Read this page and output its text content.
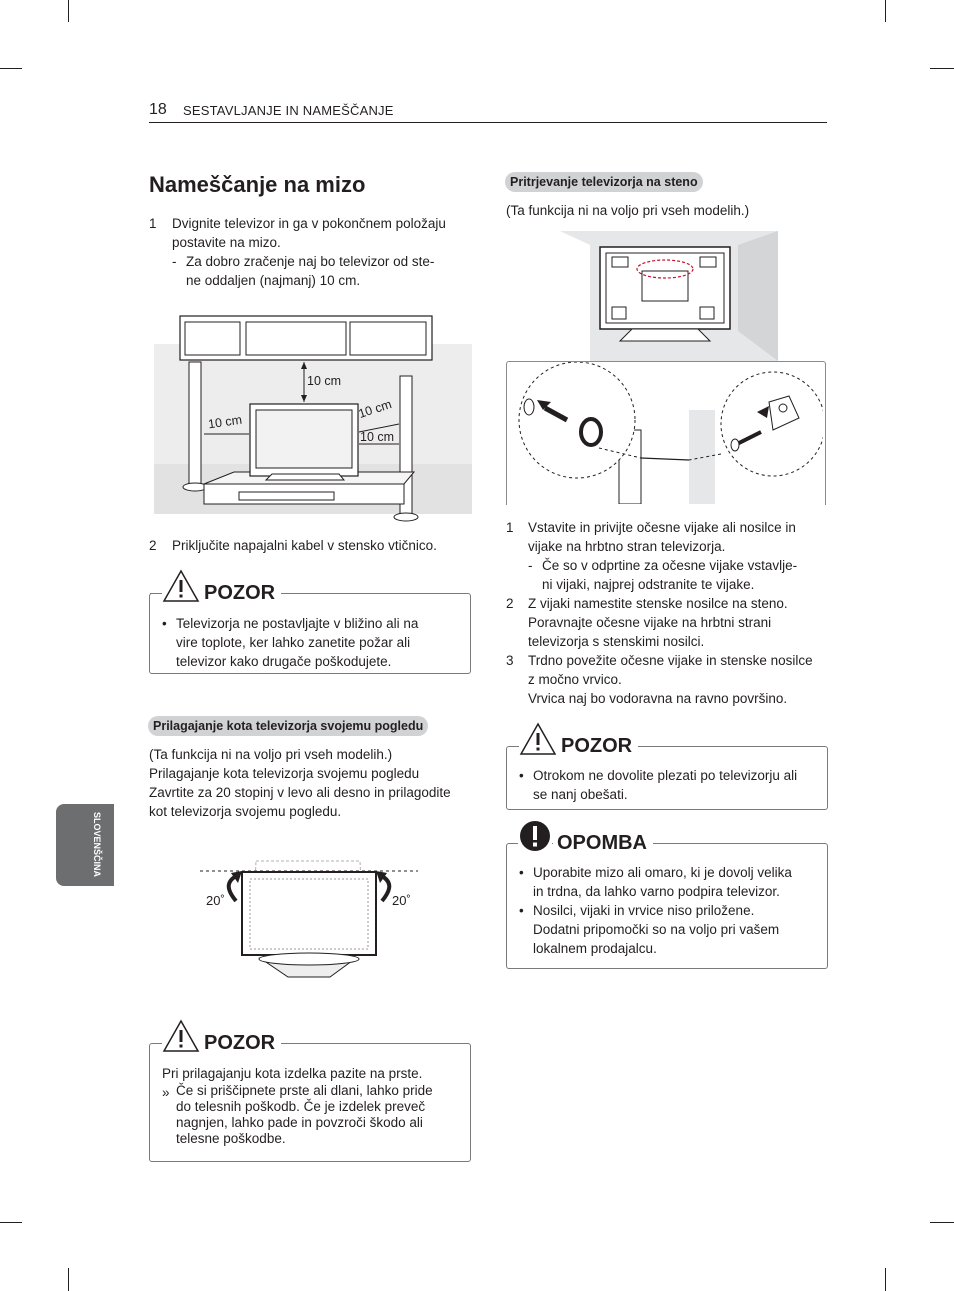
18 SESTAVLJANJE IN NAMEŠČANJE
SLOVENŠČINA
Nameščanje na mizo
1 Dvignite televizor in ga v pokončnem položaju
postavite na mizo.
- Za dobro zračenje naj bo televizor od ste-
ne oddaljen (najmanj) 10 cm.
10 cm
10 cm
10 cm
10 cm
2 Priključite napajalni kabel v stensko vtičnico.
POZOR
• Televizorja ne postavljajte v bližino ali na
vire toplote, ker lahko zanetite požar ali
televizor kako drugače poškodujete.
Prilagajanje kota televizorja svojemu pogledu
(Ta funkcija ni na voljo pri vseh modelih.)
Prilagajanje kota televizorja svojemu pogledu
Zavrtite za 20 stopinj v levo ali desno in prilagodite
kot televizorja svojemu pogledu.
20˚	20˚
POZOR
Pri prilagajanju kota izdelka pazite na prste.
» Če si priščipnete prste ali dlani, lahko pride
do telesnih poškodb. Če je izdelek preveč
nagnjen, lahko pade in povzroči škodo ali
telesne poškodbe.
Pritrjevanje televizorja na steno
(Ta funkcija ni na voljo pri vseh modelih.)
1 Vstavite in privijte očesne vijake ali nosilce in
vijake na hrbtno stran televizorja.
- Če so v odprtine za očesne vijake vstavlje-
ni vijaki, najprej odstranite te vijake.
2 Z vijaki namestite stenske nosilce na steno.
Poravnajte očesne vijake na hrbtni strani
televizorja s stenskimi nosilci.
3 Trdno povežite očesne vijake in stenske nosilce
z močno vrvico.
Vrvica naj bo vodoravna na ravno površino.
POZOR
• Otrokom ne dovolite plezati po televizorju ali
se nanj obešati.
OPOMBA
• Uporabite mizo ali omaro, ki je dovolj velika
in trdna, da lahko varno podpira televizor.
• Nosilci, vijaki in vrvice niso priložene.
Dodatni pripomočki so na voljo pri vašem
lokalnem prodajalcu.
